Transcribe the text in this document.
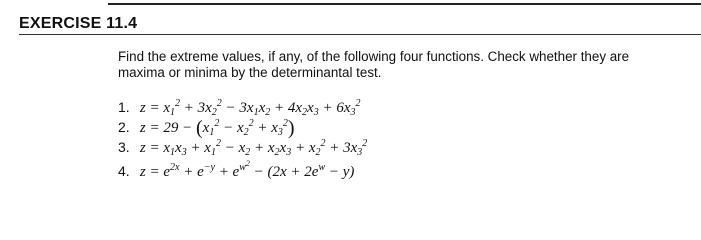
EXERCISE 11.4
Find the extreme values, if any, of the following four functions. Check whether they are
maxima or minima by the determinantal test.
1. $z = x_1^2 + 3x_2^2 - 3x_1x_2 + 4x_2x_3 + 6x_3^2$
2. $z = 29 - (x_1^2 - x_2^2 + x_3^2)$
3. $z = x_1x_3 + x_1^2 - x_2 + x_2x_3 + x_2^2 + 3x_3^2$
4. $z = e^{2x} + e^{-y} + e^{w^2} - (2x + 2e^w - y)$
